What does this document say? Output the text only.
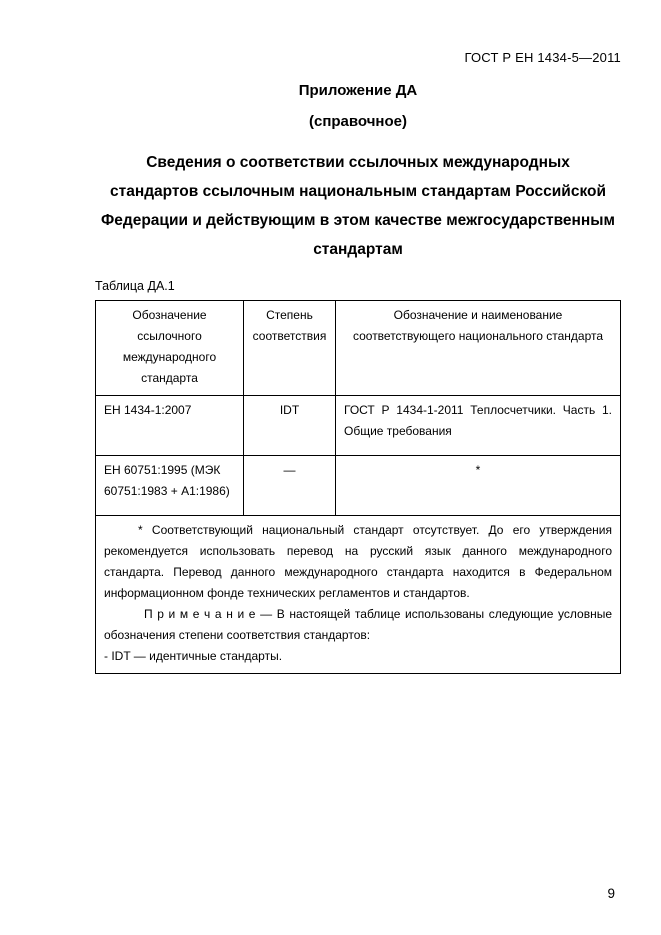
ГОСТ Р ЕН 1434-5—2011
Приложение ДА
(справочное)
Сведения о соответствии ссылочных международных
стандартов ссылочным национальным стандартам Российской
Федерации и действующим в этом качестве межгосударственным
стандартам
Таблица ДА.1
Обозначение ссылочного международного стандарта	Степень соответствия	Обозначение и наименование соответствующего национального стандарта
ЕН 1434-1:2007	IDT	ГОСТ Р 1434-1-2011 Теплосчетчики. Часть 1. Общие требования
ЕН 60751:1995 (МЭК 60751:1983 + А1:1986)	—	*

* Соответствующий национальный стандарт отсутствует. До его утверждения рекомендуется использовать перевод на русский язык данного международного стандарта. Перевод данного международного стандарта находится в Федеральном информационном фонде технических регламентов и стандартов.

П р и м е ч а н и е — В настоящей таблице использованы следующие условные обозначения степени соответствия стандартов:

- IDT — идентичные стандарты.		

9
